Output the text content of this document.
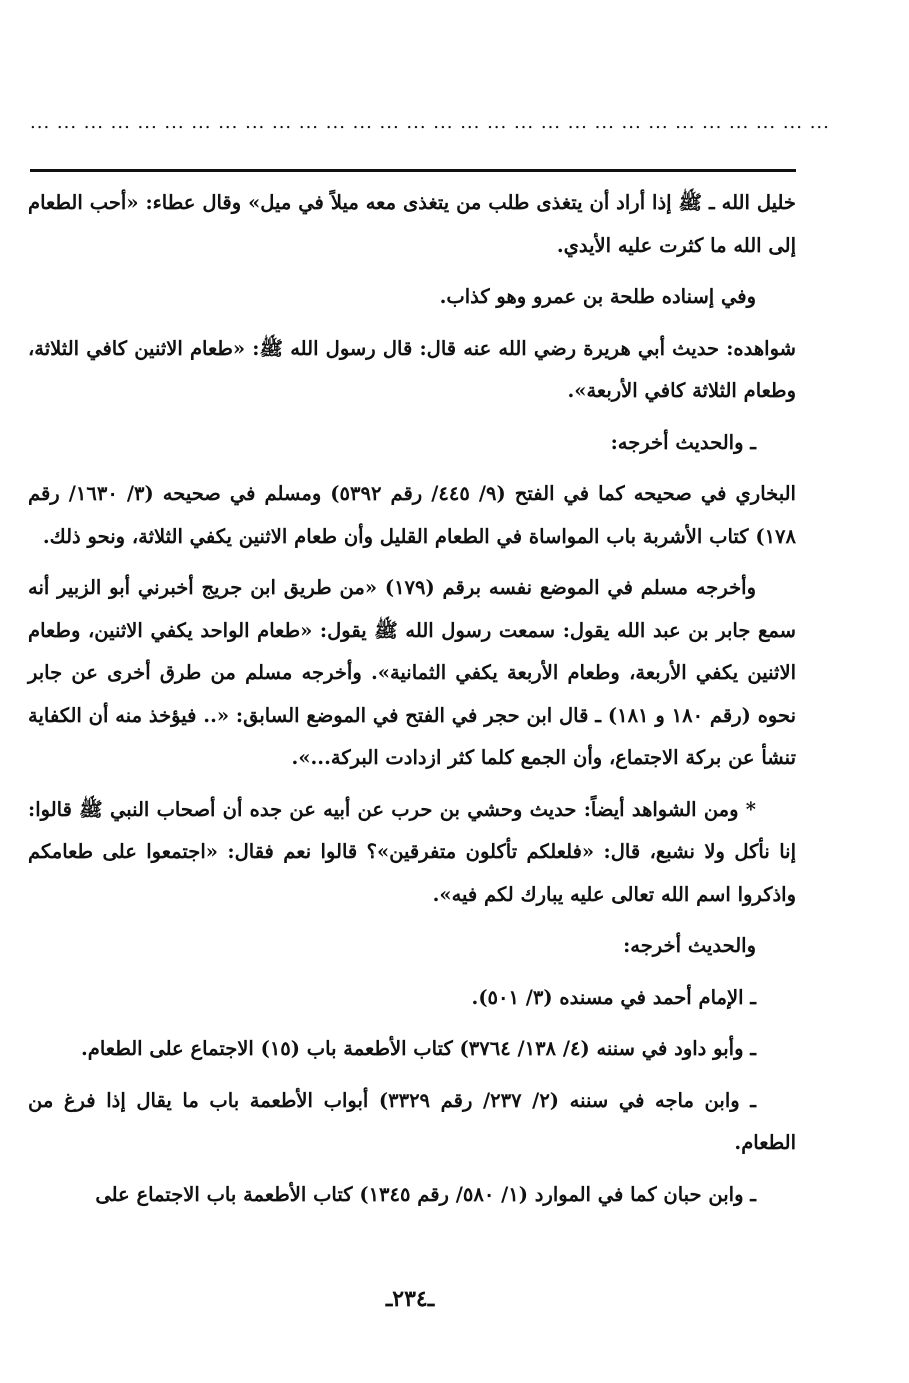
... ... ... ... ... ... ... ... ... ... ... ... ... ... ... ... ... ... ... ... ... ... ... ... ... ... ... ... ... ...

خليل الله ـ ﷺ إذا أراد أن يتغذى طلب من يتغذى معه ميلاً في ميل» وقال عطاء: «أحب الطعام إلى الله ما كثرت عليه الأيدي.

وفي إسناده طلحة بن عمرو وهو كذاب.

شواهده: حديث أبي هريرة رضي الله عنه قال: قال رسول الله ﷺ: «طعام الاثنين كافي الثلاثة، وطعام الثلاثة كافي الأربعة».

ـ والحديث أخرجه:

البخاري في صحيحه كما في الفتح (٩/ ٤٤٥/ رقم ٥٣٩٢) ومسلم في صحيحه (٣/ ١٦٣٠/ رقم ١٧٨) كتاب الأشربة باب المواساة في الطعام القليل وأن طعام الاثنين يكفي الثلاثة، ونحو ذلك.

وأخرجه مسلم في الموضع نفسه برقم (١٧٩) «من طريق ابن جريج أخبرني أبو الزبير أنه سمع جابر بن عبد الله يقول: سمعت رسول الله ﷺ يقول: «طعام الواحد يكفي الاثنين، وطعام الاثنين يكفي الأربعة، وطعام الأربعة يكفي الثمانية». وأخرجه مسلم من طرق أخرى عن جابر نحوه (رقم ١٨٠ و ١٨١) ـ قال ابن حجر في الفتح في الموضع السابق: «.. فيؤخذ منه أن الكفاية تنشأ عن بركة الاجتماع، وأن الجمع كلما كثر ازدادت البركة...».

* ومن الشواهد أيضاً: حديث وحشي بن حرب عن أبيه عن جده أن أصحاب النبي ﷺ قالوا: إنا نأكل ولا نشبع، قال: «فلعلكم تأكلون متفرقين»؟ قالوا نعم فقال: «اجتمعوا على طعامكم واذكروا اسم الله تعالى عليه يبارك لكم فيه».

والحديث أخرجه:

ـ الإمام أحمد في مسنده (٣/ ٥٠١).

ـ وأبو داود في سننه (٤/ ١٣٨/ ٣٧٦٤) كتاب الأطعمة باب (١٥) الاجتماع على الطعام.

ـ وابن ماجه في سننه (٢/ ٢٣٧/ رقم ٣٣٢٩) أبواب الأطعمة باب ما يقال إذا فرغ من الطعام.

ـ وابن حبان كما في الموارد (١/ ٥٨٠/ رقم ١٣٤٥) كتاب الأطعمة باب الاجتماع على

ـ٢٣٤ـ
